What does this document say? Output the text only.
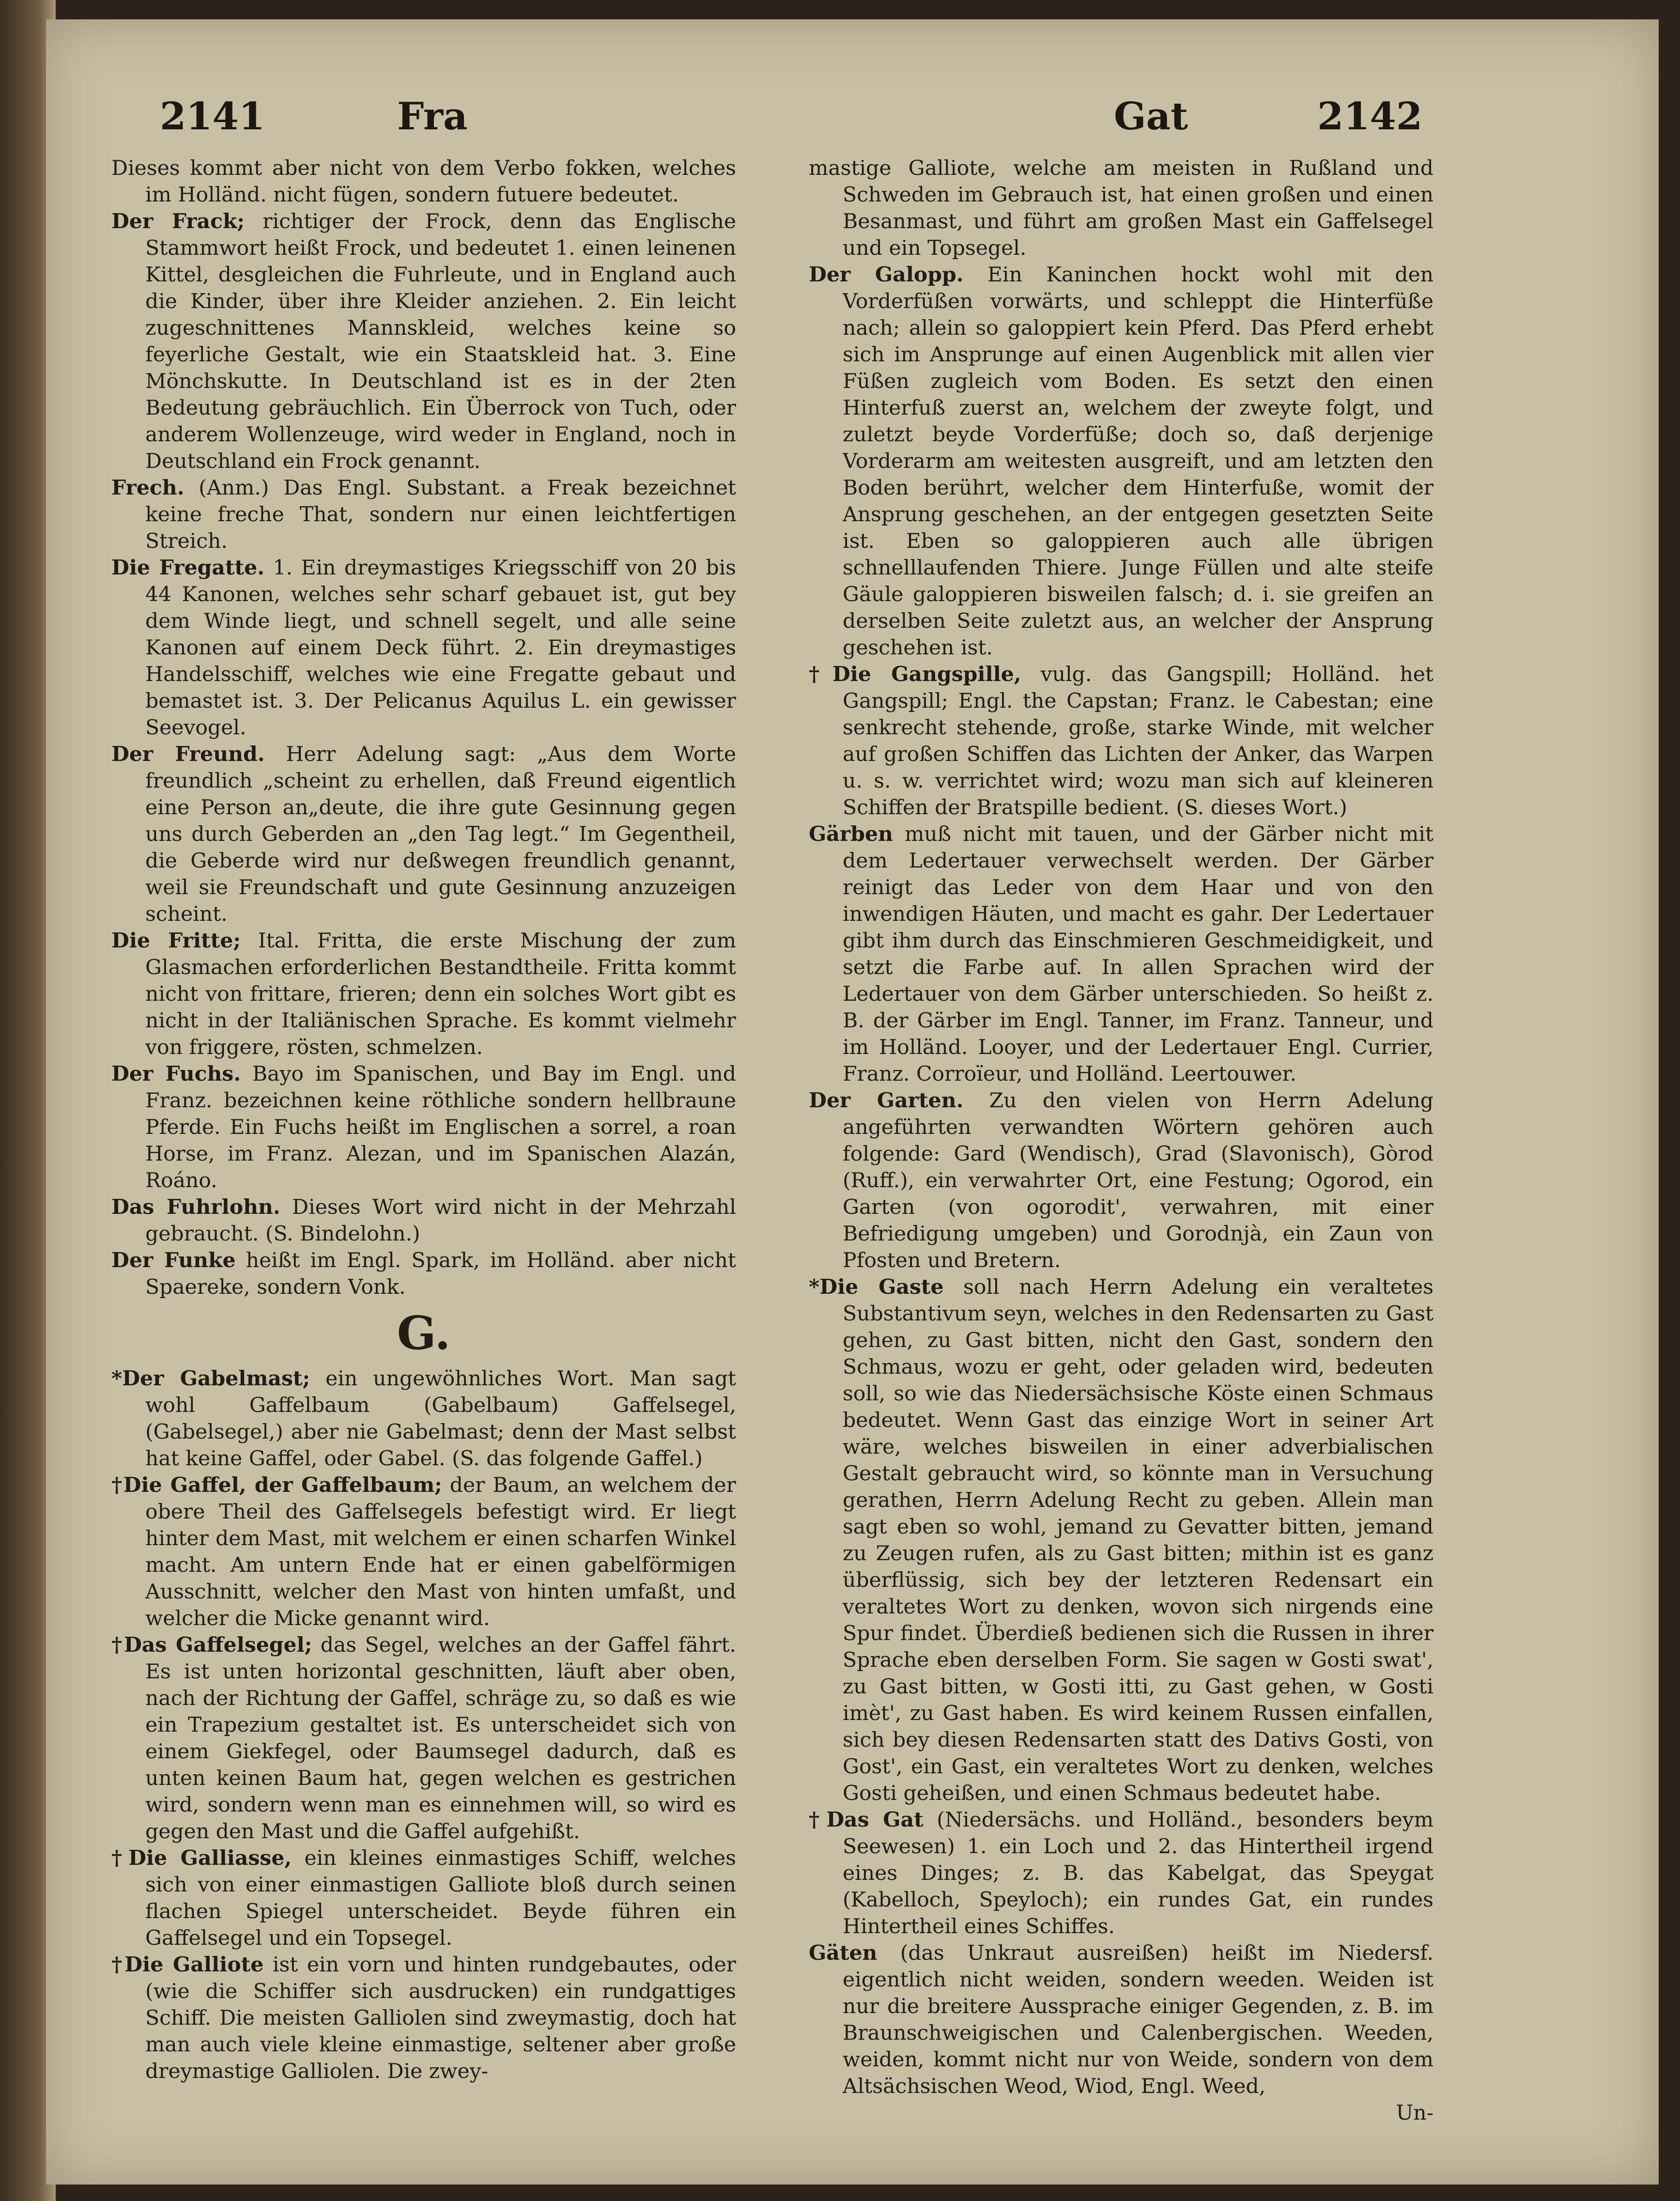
2141	Fra	Gat	2142

Dieses kommt aber nicht von dem Verbo fokken, welches im Holländ. nicht fügen, sondern futuere bedeutet.

Der Frack; richtiger der Frock, denn das Englische Stammwort heißt Frock, und bedeutet 1. einen leinenen Kittel, desgleichen die Fuhrleute, und in England auch die Kinder, über ihre Kleider anziehen. 2. Ein leicht zugeschnittenes Mannskleid, welches keine so feyerliche Gestalt, wie ein Staatskleid hat. 3. Eine Mönchskutte. In Deutschland ist es in der 2ten Bedeutung gebräuchlich. Ein Überrock von Tuch, oder anderem Wollenzeuge, wird weder in England, noch in Deutschland ein Frock genannt.

Frech. (Anm.) Das Engl. Substant. a Freak bezeichnet keine freche That, sondern nur einen leichtfertigen Streich.

Die Fregatte. 1. Ein dreymastiges Kriegsschiff von 20 bis 44 Kanonen, welches sehr scharf gebauet ist, gut bey dem Winde liegt, und schnell segelt, und alle seine Kanonen auf einem Deck führt. 2. Ein dreymastiges Handelsschiff, welches wie eine Fregatte gebaut und bemastet ist. 3. Der Pelicanus Aquilus L. ein gewisser Seevogel.

Der Freund. Herr Adelung sagt: „Aus dem Worte freundlich „scheint zu erhellen, daß Freund eigentlich eine Person an„deute, die ihre gute Gesinnung gegen uns durch Geberden an „den Tag legt.“ Im Gegentheil, die Geberde wird nur deßwegen freundlich genannt, weil sie Freundschaft und gute Gesinnung anzuzeigen scheint.

Die Fritte; Ital. Fritta, die erste Mischung der zum Glasmachen erforderlichen Bestandtheile. Fritta kommt nicht von frittare, frieren; denn ein solches Wort gibt es nicht in der Italiänischen Sprache. Es kommt vielmehr von friggere, rösten, schmelzen.

Der Fuchs. Bayo im Spanischen, und Bay im Engl. und Franz. bezeichnen keine röthliche sondern hellbraune Pferde. Ein Fuchs heißt im Englischen a sorrel, a roan Horse, im Franz. Alezan, und im Spanischen Alazán, Roáno.

Das Fuhrlohn. Dieses Wort wird nicht in der Mehrzahl gebraucht. (S. Bindelohn.)

Der Funke heißt im Engl. Spark, im Holländ. aber nicht Spaereke, sondern Vonk.

G.

*Der Gabelmast; ein ungewöhnliches Wort. Man sagt wohl Gaffelbaum (Gabelbaum) Gaffelsegel, (Gabelsegel,) aber nie Gabelmast; denn der Mast selbst hat keine Gaffel, oder Gabel. (S. das folgende Gaffel.)

†Die Gaffel, der Gaffelbaum; der Baum, an welchem der obere Theil des Gaffelsegels befestigt wird. Er liegt hinter dem Mast, mit welchem er einen scharfen Winkel macht. Am untern Ende hat er einen gabelförmigen Ausschnitt, welcher den Mast von hinten umfaßt, und welcher die Micke genannt wird.

†Das Gaffelsegel; das Segel, welches an der Gaffel fährt. Es ist unten horizontal geschnitten, läuft aber oben, nach der Richtung der Gaffel, schräge zu, so daß es wie ein Trapezium gestaltet ist. Es unterscheidet sich von einem Giekfegel, oder Baumsegel dadurch, daß es unten keinen Baum hat, gegen welchen es gestrichen wird, sondern wenn man es einnehmen will, so wird es gegen den Mast und die Gaffel aufgehißt.

†Die Galliasse, ein kleines einmastiges Schiff, welches sich von einer einmastigen Galliote bloß durch seinen flachen Spiegel unterscheidet. Beyde führen ein Gaffelsegel und ein Topsegel.

†Die Galliote ist ein vorn und hinten rundgebautes, oder (wie die Schiffer sich ausdrucken) ein rundgattiges Schiff. Die meisten Galliolen sind zweymastig, doch hat man auch viele kleine einmastige, seltener aber große dreymastige Galliolen. Die zwey-

mastige Galliote, welche am meisten in Rußland und Schweden im Gebrauch ist, hat einen großen und einen Besanmast, und führt am großen Mast ein Gaffelsegel und ein Topsegel.

Der Galopp. Ein Kaninchen hockt wohl mit den Vorderfüßen vorwärts, und schleppt die Hinterfüße nach; allein so galoppiert kein Pferd. Das Pferd erhebt sich im Ansprunge auf einen Augenblick mit allen vier Füßen zugleich vom Boden. Es setzt den einen Hinterfuß zuerst an, welchem der zweyte folgt, und zuletzt beyde Vorderfüße; doch so, daß derjenige Vorderarm am weitesten ausgreift, und am letzten den Boden berührt, welcher dem Hinterfuße, womit der Ansprung geschehen, an der entgegen gesetzten Seite ist. Eben so galoppieren auch alle übrigen schnelllaufenden Thiere. Junge Füllen und alte steife Gäule galoppieren bisweilen falsch; d. i. sie greifen an derselben Seite zuletzt aus, an welcher der Ansprung geschehen ist.

†Die Gangspille, vulg. das Gangspill; Holländ. het Gangspill; Engl. the Capstan; Franz. le Cabestan; eine senkrecht stehende, große, starke Winde, mit welcher auf großen Schiffen das Lichten der Anker, das Warpen u. s. w. verrichtet wird; wozu man sich auf kleineren Schiffen der Bratspille bedient. (S. dieses Wort.)

Gärben muß nicht mit tauen, und der Gärber nicht mit dem Ledertauer verwechselt werden. Der Gärber reinigt das Leder von dem Haar und von den inwendigen Häuten, und macht es gahr. Der Ledertauer gibt ihm durch das Einschmieren Geschmeidigkeit, und setzt die Farbe auf. In allen Sprachen wird der Ledertauer von dem Gärber unterschieden. So heißt z. B. der Gärber im Engl. Tanner, im Franz. Tanneur, und im Holländ. Looyer, und der Ledertauer Engl. Currier, Franz. Corroïeur, und Holländ. Leertouwer.

Der Garten. Zu den vielen von Herrn Adelung angeführten verwandten Wörtern gehören auch folgende: Gard (Wendisch), Grad (Slavonisch), Gòrod (Ruff.), ein verwahrter Ort, eine Festung; Ogorod, ein Garten (von ogorodit', verwahren, mit einer Befriedigung umgeben) und Gorodnjà, ein Zaun von Pfosten und Bretern.

*Die Gaste soll nach Herrn Adelung ein veraltetes Substantivum seyn, welches in den Redensarten zu Gast gehen, zu Gast bitten, nicht den Gast, sondern den Schmaus, wozu er geht, oder geladen wird, bedeuten soll, so wie das Niedersächsische Köste einen Schmaus bedeutet. Wenn Gast das einzige Wort in seiner Art wäre, welches bisweilen in einer adverbialischen Gestalt gebraucht wird, so könnte man in Versuchung gerathen, Herrn Adelung Recht zu geben. Allein man sagt eben so wohl, jemand zu Gevatter bitten, jemand zu Zeugen rufen, als zu Gast bitten; mithin ist es ganz überflüssig, sich bey der letzteren Redensart ein veraltetes Wort zu denken, wovon sich nirgends eine Spur findet. Überdieß bedienen sich die Russen in ihrer Sprache eben derselben Form. Sie sagen w Gosti swat', zu Gast bitten, w Gosti itti, zu Gast gehen, w Gosti imèt', zu Gast haben. Es wird keinem Russen einfallen, sich bey diesen Redensarten statt des Dativs Gosti, von Gost', ein Gast, ein veraltetes Wort zu denken, welches Gosti geheißen, und einen Schmaus bedeutet habe.

†Das Gat (Niedersächs. und Holländ., besonders beym Seewesen) 1. ein Loch und 2. das Hintertheil irgend eines Dinges; z. B. das Kabelgat, das Speygat (Kabelloch, Speyloch); ein rundes Gat, ein rundes Hintertheil eines Schiffes.

Gäten (das Unkraut ausreißen) heißt im Niedersf. eigentlich nicht weiden, sondern weeden. Weiden ist nur die breitere Aussprache einiger Gegenden, z. B. im Braunschweigischen und Calenbergischen. Weeden, weiden, kommt nicht nur von Weide, sondern von dem Altsächsischen Weod, Wiod, Engl. Weed,

Un-
